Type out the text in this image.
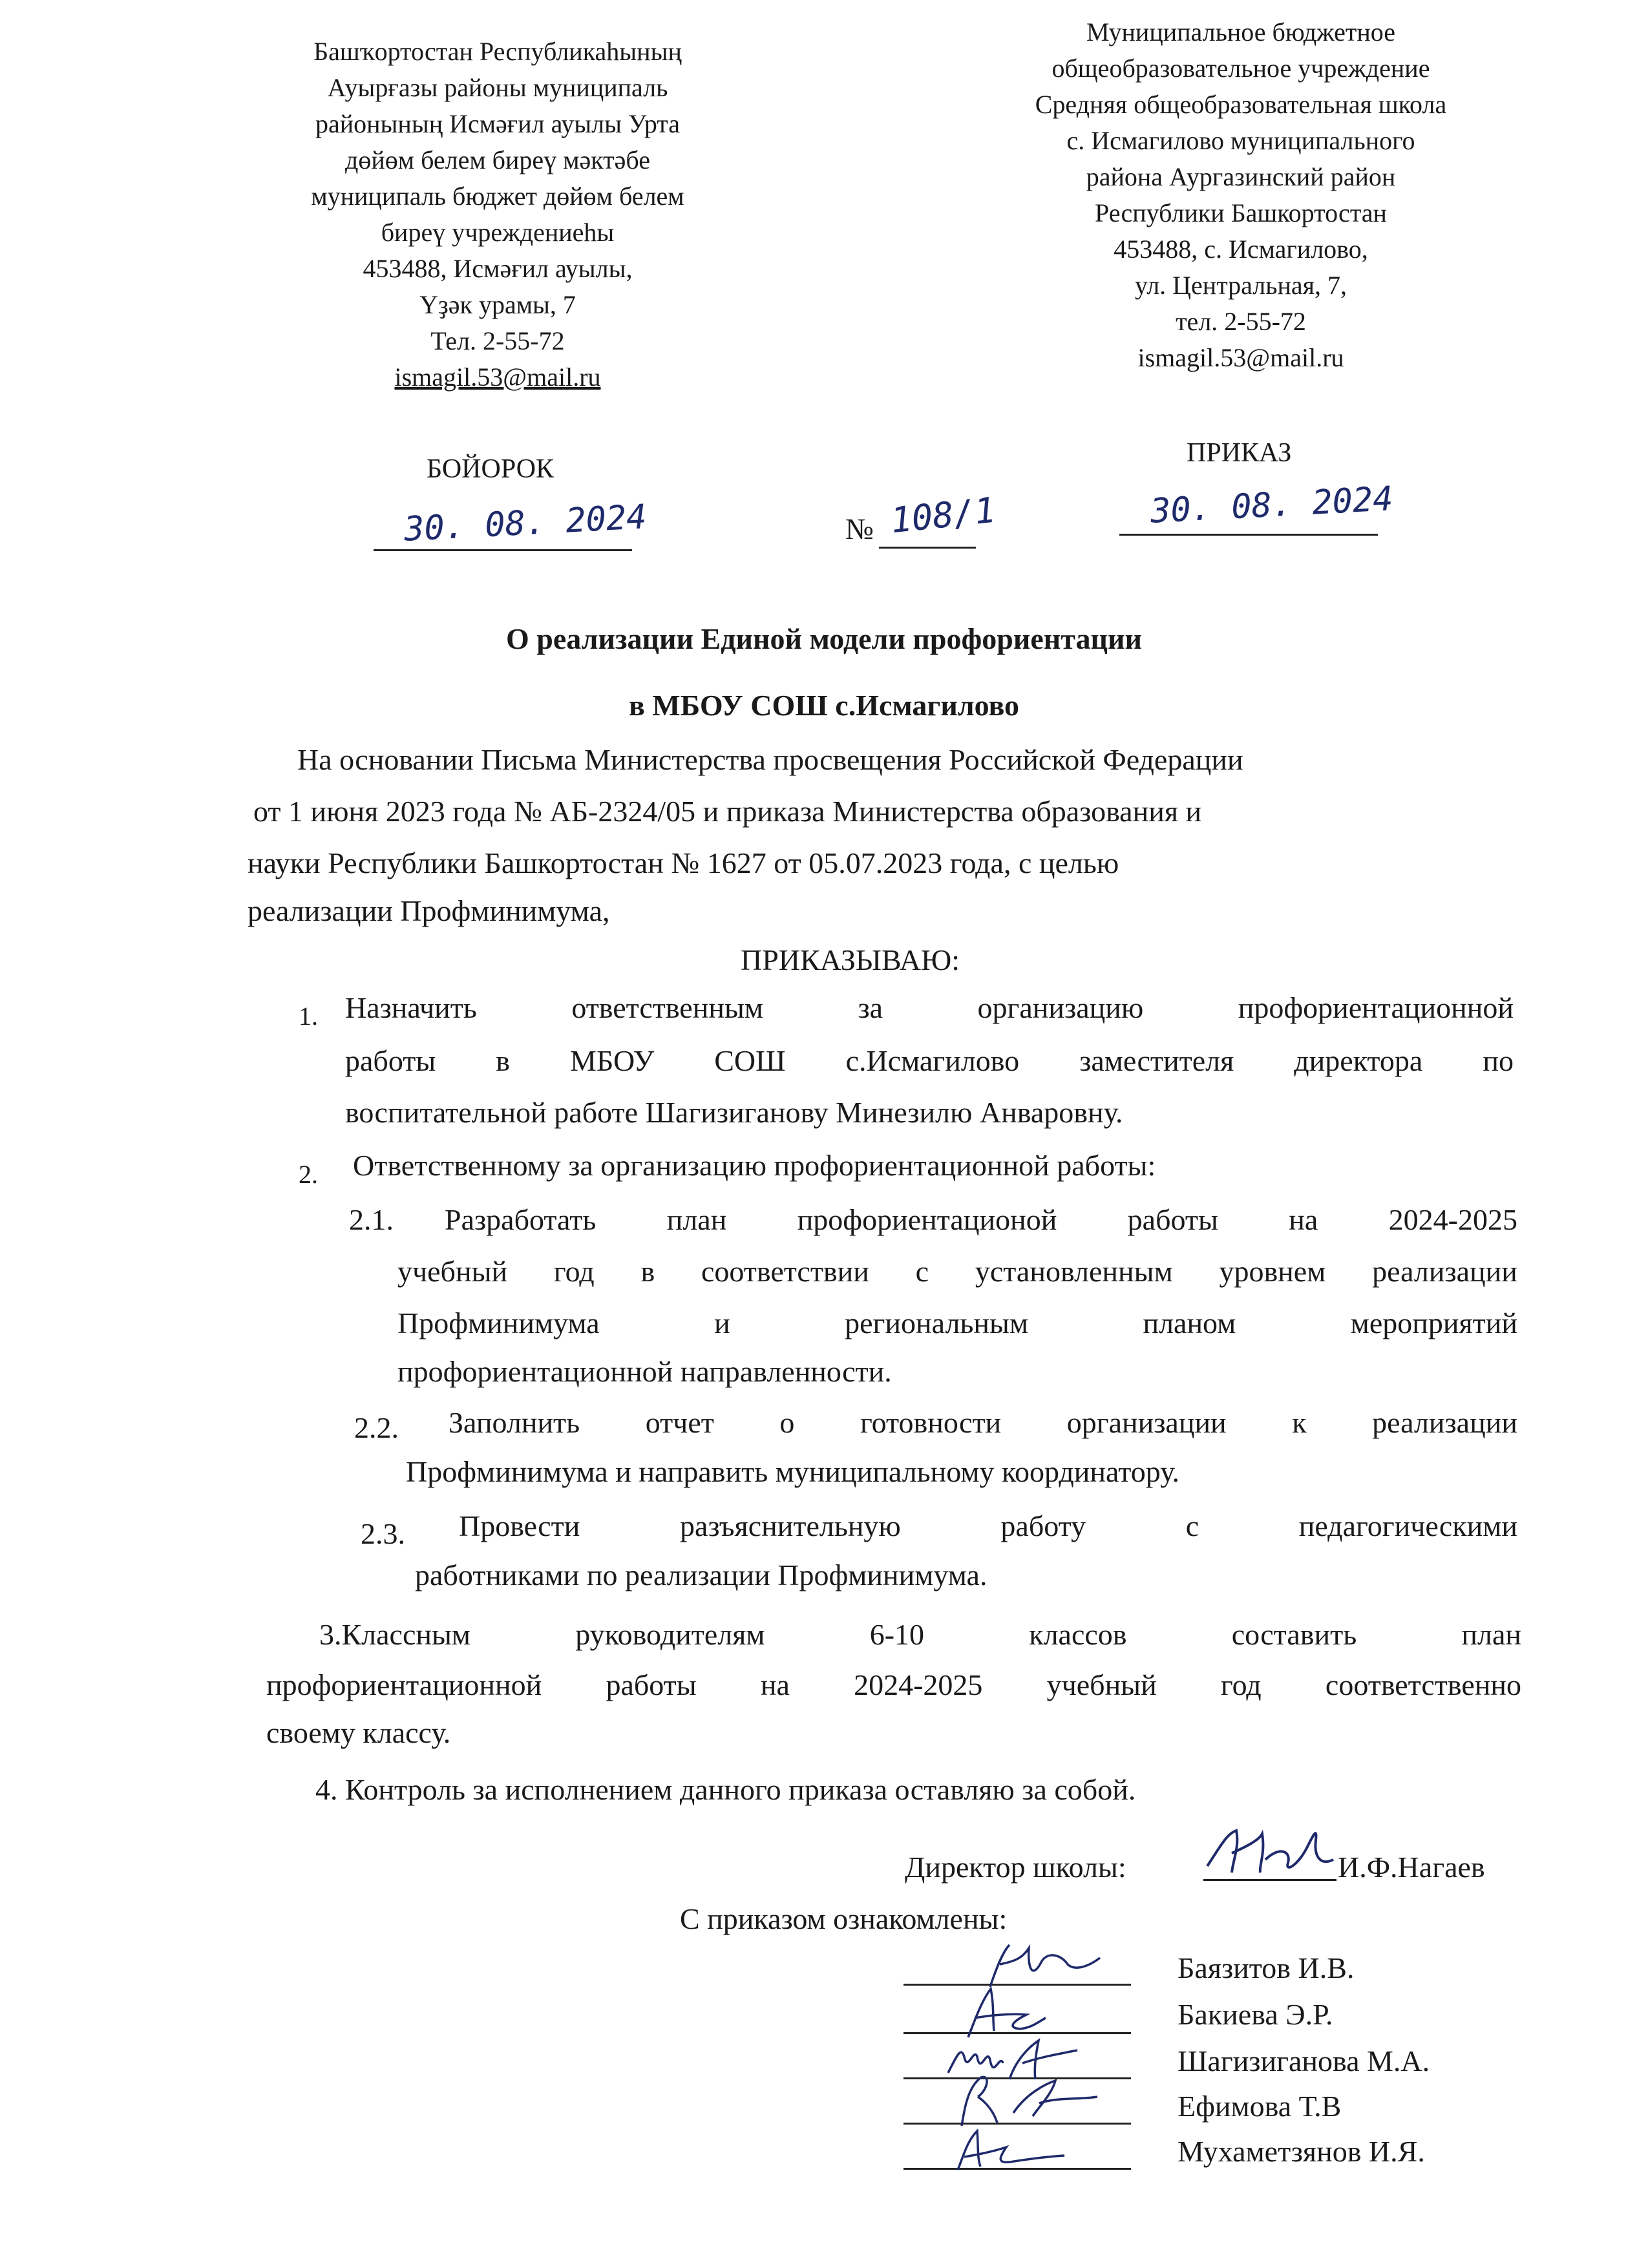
Башҡортостан Республикаһының
Ауырғазы районы муниципаль
районының Исмәғил ауылы Урта
дөйөм белем биреү мәктәбе
муниципаль бюджет дөйөм белем
биреү учреждениеһы
453488, Исмәғил ауылы,
Үҙәк урамы, 7
Тел. 2-55-72
ismagil.53@mail.ru
Муниципальное бюджетное
общеобразовательное учреждение
Средняя общеобразовательная школа
с. Исмагилово муниципального
района Аургазинский район
Республики Башкортостан
453488, с. Исмагилово,
ул. Центральная, 7,
тел. 2-55-72
ismagil.53@mail.ru
БОЙОРОК
ПРИКАЗ
30. 08. 2024	№ 108/1	30. 08. 2024
О реализации Единой модели профориентации
в МБОУ СОШ с.Исмагилово
На основании Письма Министерства просвещения Российской Федерации
от 1 июня 2023 года № АБ-2324/05 и приказа Министерства образования и
науки Республики Башкортостан № 1627 от 05.07.2023 года, с целью
реализации Профминимума,
ПРИКАЗЫВАЮ:
1. Назначить	ответственным	за	организацию	профориентационной
работы в МБОУ СОШ с.Исмагилово заместителя директора по
воспитательной работе Шагизиганову Минезилю Анваровну.
2. Ответственному за организацию профориентационной работы:
2.1. Разработать план профориентационой работы на 2024-2025
учебный год в соответствии с установленным уровнем реализации
Профминимума	и	региональным	планом	мероприятий
профориентационной направленности.
2.2. Заполнить отчет о готовности организации к реализации
Профминимума и направить муниципальному координатору.
2.3. Провести	разъяснительную	работу	с	педагогическими
работниками по реализации Профминимума.
3.Классным	руководителям	6-10	классов	составить	план
профориентационной работы на 2024-2025 учебный год соответственно
своему классу.
4. Контроль за исполнением данного приказа оставляю за собой.
Директор школы:	И.Ф.Нагаев
С приказом ознакомлены:
Баязитов И.В.
Бакиева Э.Р.
Шагизиганова М.А.
Ефимова Т.В
Мухаметзянов И.Я.
